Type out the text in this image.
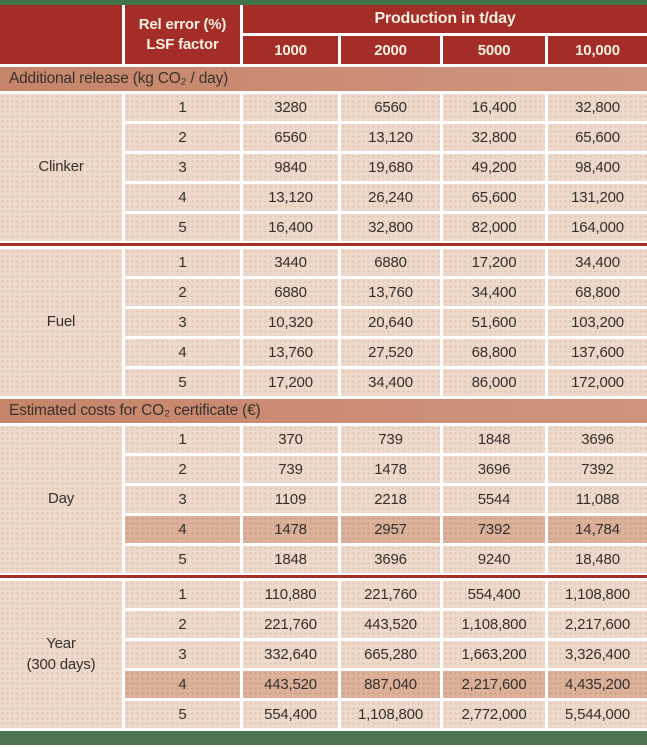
Rel error (%)
LSF factor
Production in t/day
1000	2000	5000	10,000
Additional release (kg CO₂ / day)
Clinker
1	3280	6560	16,400	32,800
2	6560	13,120	32,800	65,600
3	9840	19,680	49,200	98,400
4	13,120	26,240	65,600	131,200
5	16,400	32,800	82,000	164,000
Fuel
1	3440	6880	17,200	34,400
2	6880	13,760	34,400	68,800
3	10,320	20,640	51,600	103,200
4	13,760	27,520	68,800	137,600
5	17,200	34,400	86,000	172,000
Estimated costs for CO₂ certificate (€)
Day
1	370	739	1848	3696
2	739	1478	3696	7392
3	1109	2218	5544	11,088
4	1478	2957	7392	14,784
5	1848	3696	9240	18,480
Year
(300 days)
1	110,880	221,760	554,400	1,108,800
2	221,760	443,520	1,108,800	2,217,600
3	332,640	665,280	1,663,200	3,326,400
4	443,520	887,040	2,217,600	4,435,200
5	554,400	1,108,800	2,772,000	5,544,000
